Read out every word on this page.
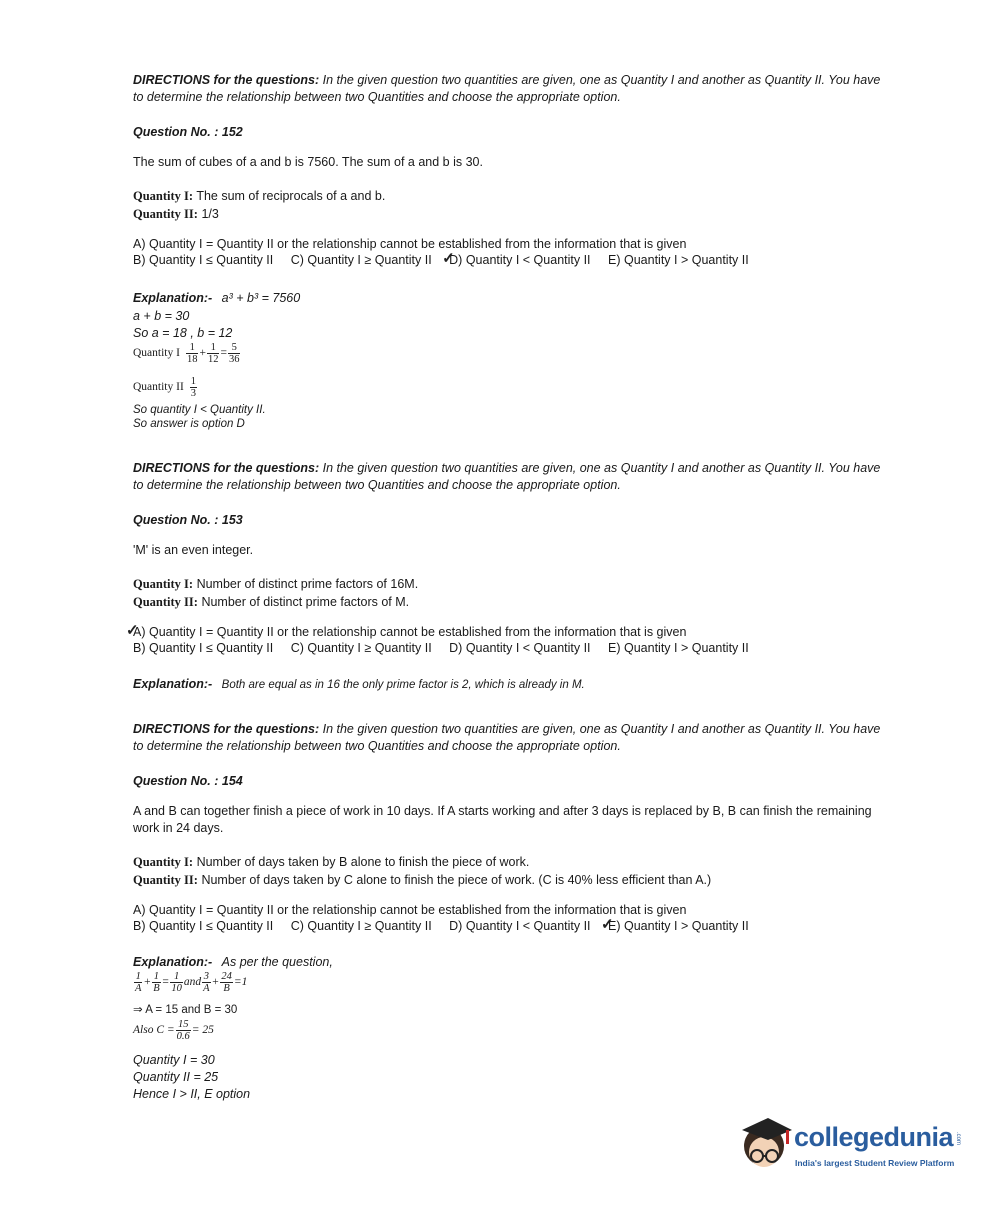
DIRECTIONS for the questions: In the given question two quantities are given, one as Quantity I and another as Quantity II. You have to determine the relationship between two Quantities and choose the appropriate option.
Question No. : 152
The sum of cubes of a and b is 7560. The sum of a and b is 30.
Quantity I: The sum of reciprocals of a and b.
Quantity II: 1/3
A) Quantity I = Quantity II or the relationship cannot be established from the information that is given
B) Quantity I ≤ Quantity II C) Quantity I ≥ Quantity II ✓ D) Quantity I < Quantity II E) Quantity I > Quantity II
Explanation:- a³ + b³ = 7560
a + b = 30
So a = 18 , b = 12
Quantity I $\frac{1}{18} + \frac{1}{12} = \frac{5}{36}$
Quantity II $\frac{1}{3}$
So quantity I < Quantity II.
So answer is option D
DIRECTIONS for the questions: In the given question two quantities are given, one as Quantity I and another as Quantity II. You have to determine the relationship between two Quantities and choose the appropriate option.
Question No. : 153
'M' is an even integer.
Quantity I: Number of distinct prime factors of 16M.
Quantity II: Number of distinct prime factors of M.
✓ A) Quantity I = Quantity II or the relationship cannot be established from the information that is given
B) Quantity I ≤ Quantity II C) Quantity I ≥ Quantity II D) Quantity I < Quantity II E) Quantity I > Quantity II
Explanation:- Both are equal as in 16 the only prime factor is 2, which is already in M.
DIRECTIONS for the questions: In the given question two quantities are given, one as Quantity I and another as Quantity II. You have to determine the relationship between two Quantities and choose the appropriate option.
Question No. : 154
A and B can together finish a piece of work in 10 days. If A starts working and after 3 days is replaced by B, B can finish the remaining work in 24 days.
Quantity I: Number of days taken by B alone to finish the piece of work.
Quantity II: Number of days taken by C alone to finish the piece of work. (C is 40% less efficient than A.)
A) Quantity I = Quantity II or the relationship cannot be established from the information that is given
B) Quantity I ≤ Quantity II C) Quantity I ≥ Quantity II D) Quantity I < Quantity II ✓ E) Quantity I > Quantity II
Explanation:- As per the question,
$\frac{1}{A} + \frac{1}{B} = \frac{1}{10}$ and $\frac{3}{A} + \frac{24}{B} =1$
⇒ A = 15 and B = 30
Also $C = \frac{15}{0.6} = 25$
Quantity I = 30
Quantity II = 25
Hence I > II, E option
collegedunia .com
India's largest Student Review Platform
